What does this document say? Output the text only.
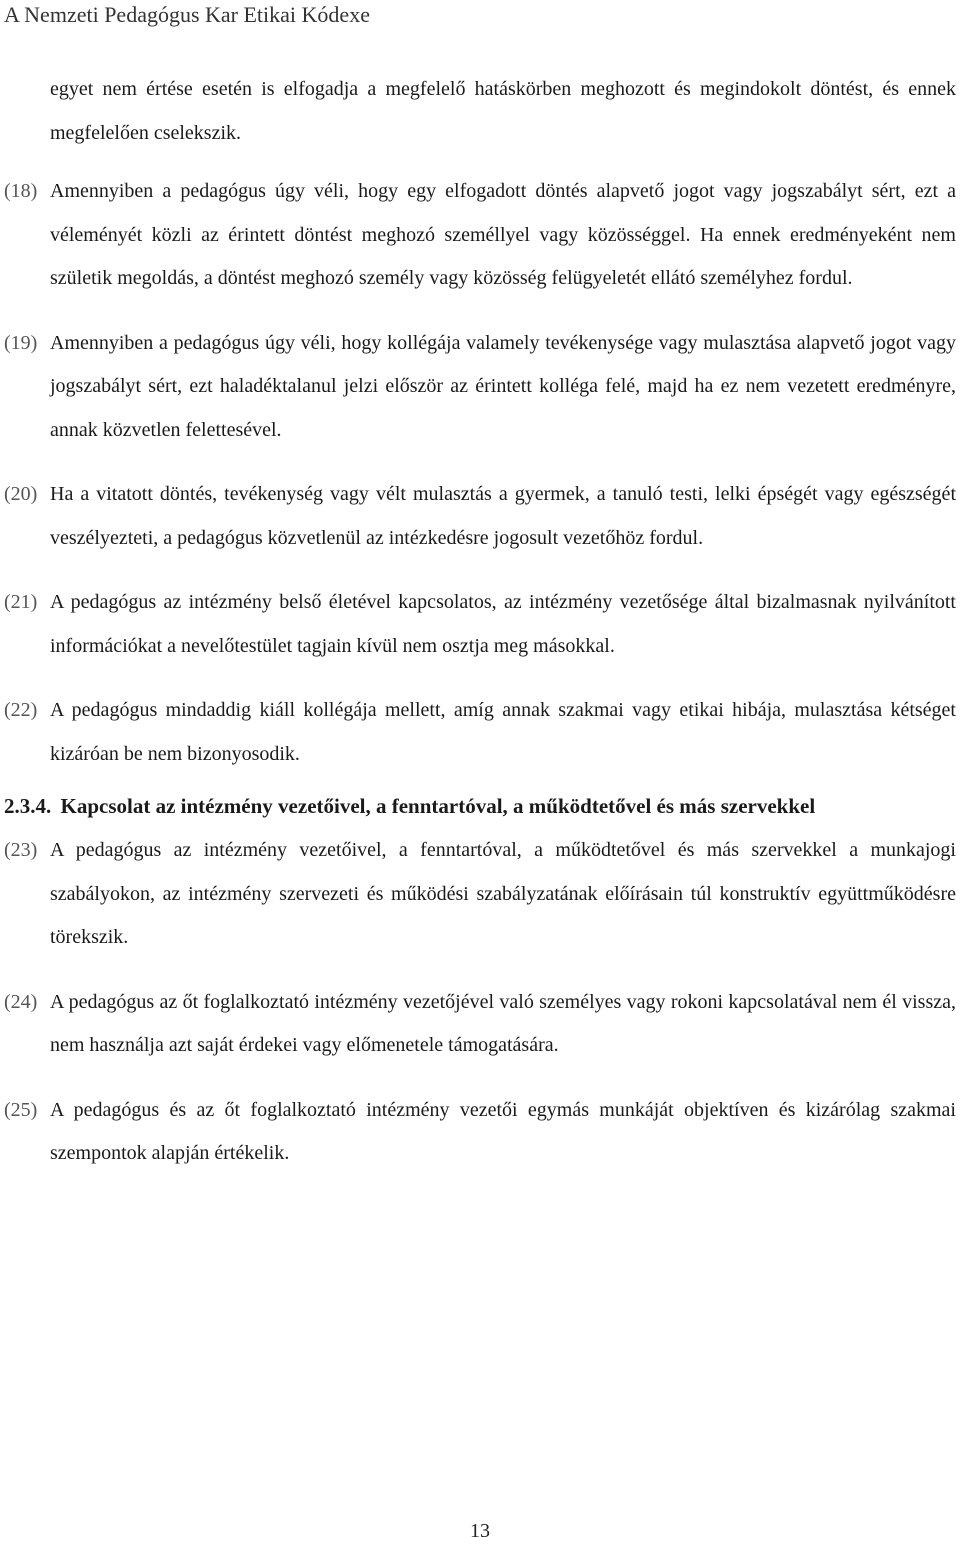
A Nemzeti Pedagógus Kar Etikai Kódexe

egyet nem értése esetén is elfogadja a megfelelő hatáskörben meghozott és megindokolt döntést, és ennek megfelelően cselekszik.

(18) Amennyiben a pedagógus úgy véli, hogy egy elfogadott döntés alapvető jogot vagy jogszabályt sért, ezt a véleményét közli az érintett döntést meghozó személlyel vagy közösséggel. Ha ennek eredményeként nem születik megoldás, a döntést meghozó személy vagy közösség felügyeletét ellátó személyhez fordul.
(19) Amennyiben a pedagógus úgy véli, hogy kollégája valamely tevékenysége vagy mulasztása alapvető jogot vagy jogszabályt sért, ezt haladéktalanul jelzi először az érintett kolléga felé, majd ha ez nem vezetett eredményre, annak közvetlen felettesével.
(20) Ha a vitatott döntés, tevékenység vagy vélt mulasztás a gyermek, a tanuló testi, lelki épségét vagy egészségét veszélyezteti, a pedagógus közvetlenül az intézkedésre jogosult vezetőhöz fordul.
(21) A pedagógus az intézmény belső életével kapcsolatos, az intézmény vezetősége által bizalmasnak nyilvánított információkat a nevelőtestület tagjain kívül nem osztja meg másokkal.
(22) A pedagógus mindaddig kiáll kollégája mellett, amíg annak szakmai vagy etikai hibája, mulasztása kétséget kizáróan be nem bizonyosodik.
2.3.4. Kapcsolat az intézmény vezetőivel, a fenntartóval, a működtetővel és más szervekkel
(23) A pedagógus az intézmény vezetőivel, a fenntartóval, a működtetővel és más szervekkel a munkajogi szabályokon, az intézmény szervezeti és működési szabályzatának előírásain túl konstruktív együttműködésre törekszik.
(24) A pedagógus az őt foglalkoztató intézmény vezetőjével való személyes vagy rokoni kapcsolatával nem él vissza, nem használja azt saját érdekei vagy előmenetele támogatására.
(25) A pedagógus és az őt foglalkoztató intézmény vezetői egymás munkáját objektíven és kizárólag szakmai szempontok alapján értékelik.
13
